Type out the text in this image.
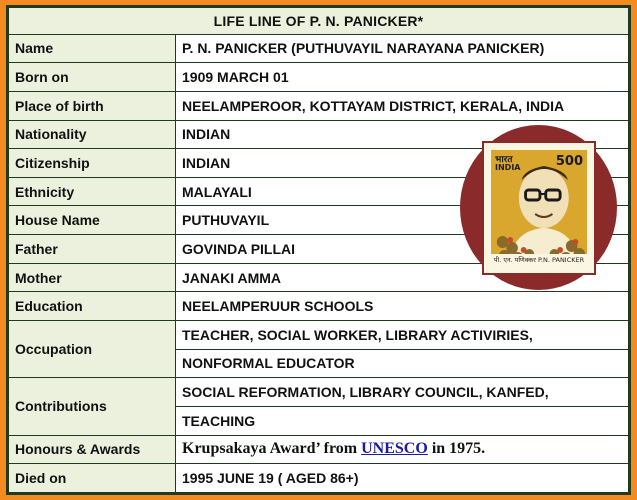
LIFE LINE OF P. N. PANICKER*	
Name	P. N. PANICKER (PUTHUVAYIL NARAYANA PANICKER)
Born on	1909 MARCH 01
Place of birth	NEELAMPEROOR, KOTTAYAM DISTRICT, KERALA, INDIA
Nationality	INDIAN
Citizenship	INDIAN
Ethnicity	MALAYALI
House Name	PUTHUVAYIL
Father	GOVINDA PILLAI
Mother	JANAKI AMMA
Education	NEELAMPERUUR SCHOOLS
Occupation	TEACHER, SOCIAL WORKER, LIBRARY ACTIVIRIES,
	NONFORMAL EDUCATOR
Contributions	SOCIAL REFORMATION, LIBRARY COUNCIL, KANFED,
	TEACHING
Honours & Awards	Krupsakaya Award’ from UNESCO in 1975.
Died on	1995 JUNE 19 ( AGED 86+)
भारत
INDIA	500
पी. एन. पणिक्कर P.N. PANICKER
